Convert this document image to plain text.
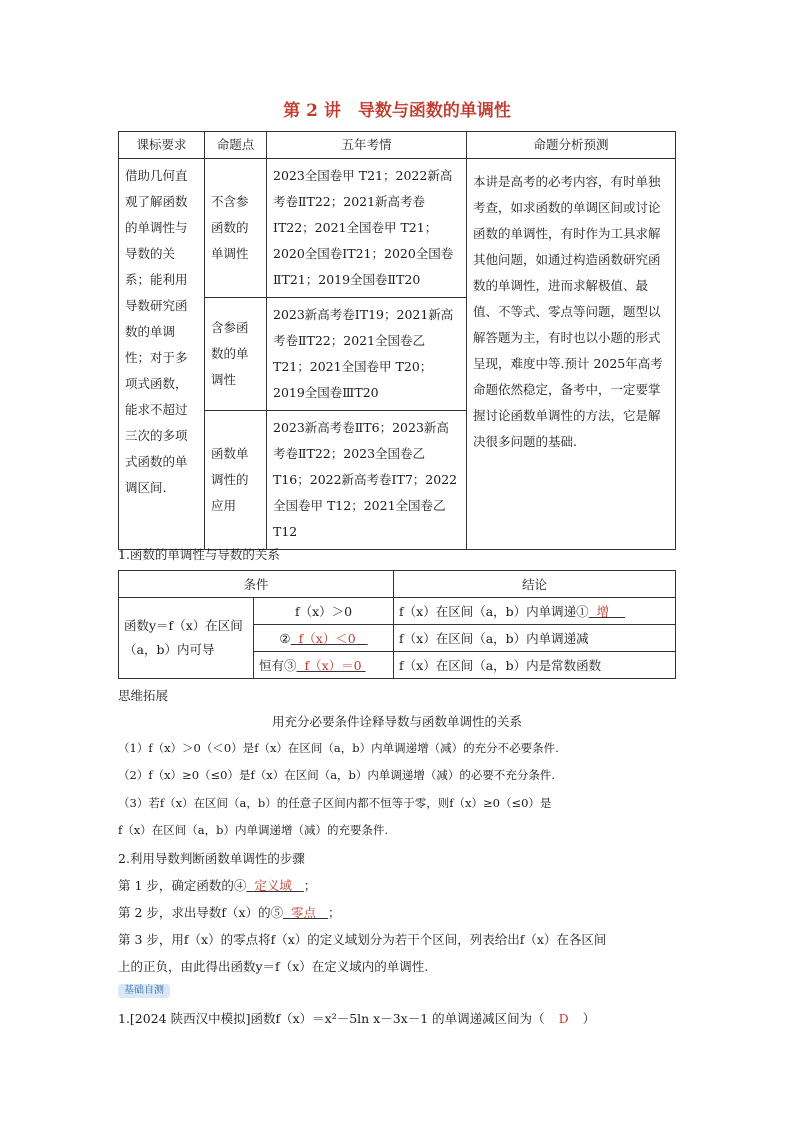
第 2 讲　导数与函数的单调性
课标要求	命题点	五年考情	命题分析预测
借助几何直观了解函数的单调性与导数的关系；能利用导数研究函数的单调性；对于多项式函数，能求不超过三次的多项式函数的单调区间.	不含参函数的单调性	2023全国卷甲 T21；2022新高考卷ⅡT22；2021新高考卷ⅠT22；2021全国卷甲 T21；2020全国卷ⅠT21；2020全国卷ⅡT21；2019全国卷ⅡT20	本讲是高考的必考内容，有时单独考查，如求函数的单调区间或讨论函数的单调性，有时作为工具求解其他问题，如通过构造函数研究函数的单调性，进而求解极值、最值、不等式、零点等问题，题型以解答题为主，有时也以小题的形式呈现，难度中等.预计 2025年高考命题依然稳定，备考中，一定要掌握讨论函数单调性的方法，它是解决很多问题的基础.
	含参函数的单调性	2023新高考卷ⅠT19；2021新高考卷ⅡT22；2021全国卷乙T21；2021全国卷甲 T20；2019全国卷ⅢT20	
	函数单调性的应用	2023新高考卷ⅡT6；2023新高考卷ⅡT22；2023全国卷乙T16；2022新高考卷ⅠT7；2022全国卷甲 T12；2021全国卷乙 T12	
1.函数的单调性与导数的关系
条件		结论
函数y＝f（x）在区间（a，b）内可导	f（x）＞0	f（x）在区间（a，b）内单调递① 增
	② f（x）＜0	f（x）在区间（a，b）内单调递减
	恒有③ f（x）＝0	f（x）在区间（a，b）内是常数函数
思维拓展
用充分必要条件诠释导数与函数单调性的关系
（1）f（x）＞0（＜0）是f（x）在区间（a，b）内单调递增（减）的充分不必要条件.
（2）f（x）≥0（≤0）是f（x）在区间（a，b）内单调递增（减）的必要不充分条件.
（3）若f（x）在区间（a，b）的任意子区间内都不恒等于零，则f（x）≥0（≤0）是
f（x）在区间（a，b）内单调递增（减）的充要条件.
2.利用导数判断函数单调性的步骤
第 1 步，确定函数的④ 定义域 ；
第 2 步，求出导数f（x）的⑤ 零点 ；
第 3 步，用f（x）的零点将f（x）的定义域划分为若干个区间，列表给出f（x）在各区间
上的正负，由此得出函数y＝f（x）在定义域内的单调性.
基础自测
1.[2024 陕西汉中模拟]函数f（x）＝x²－5ln x－3x－1 的单调递减区间为（ D ）
